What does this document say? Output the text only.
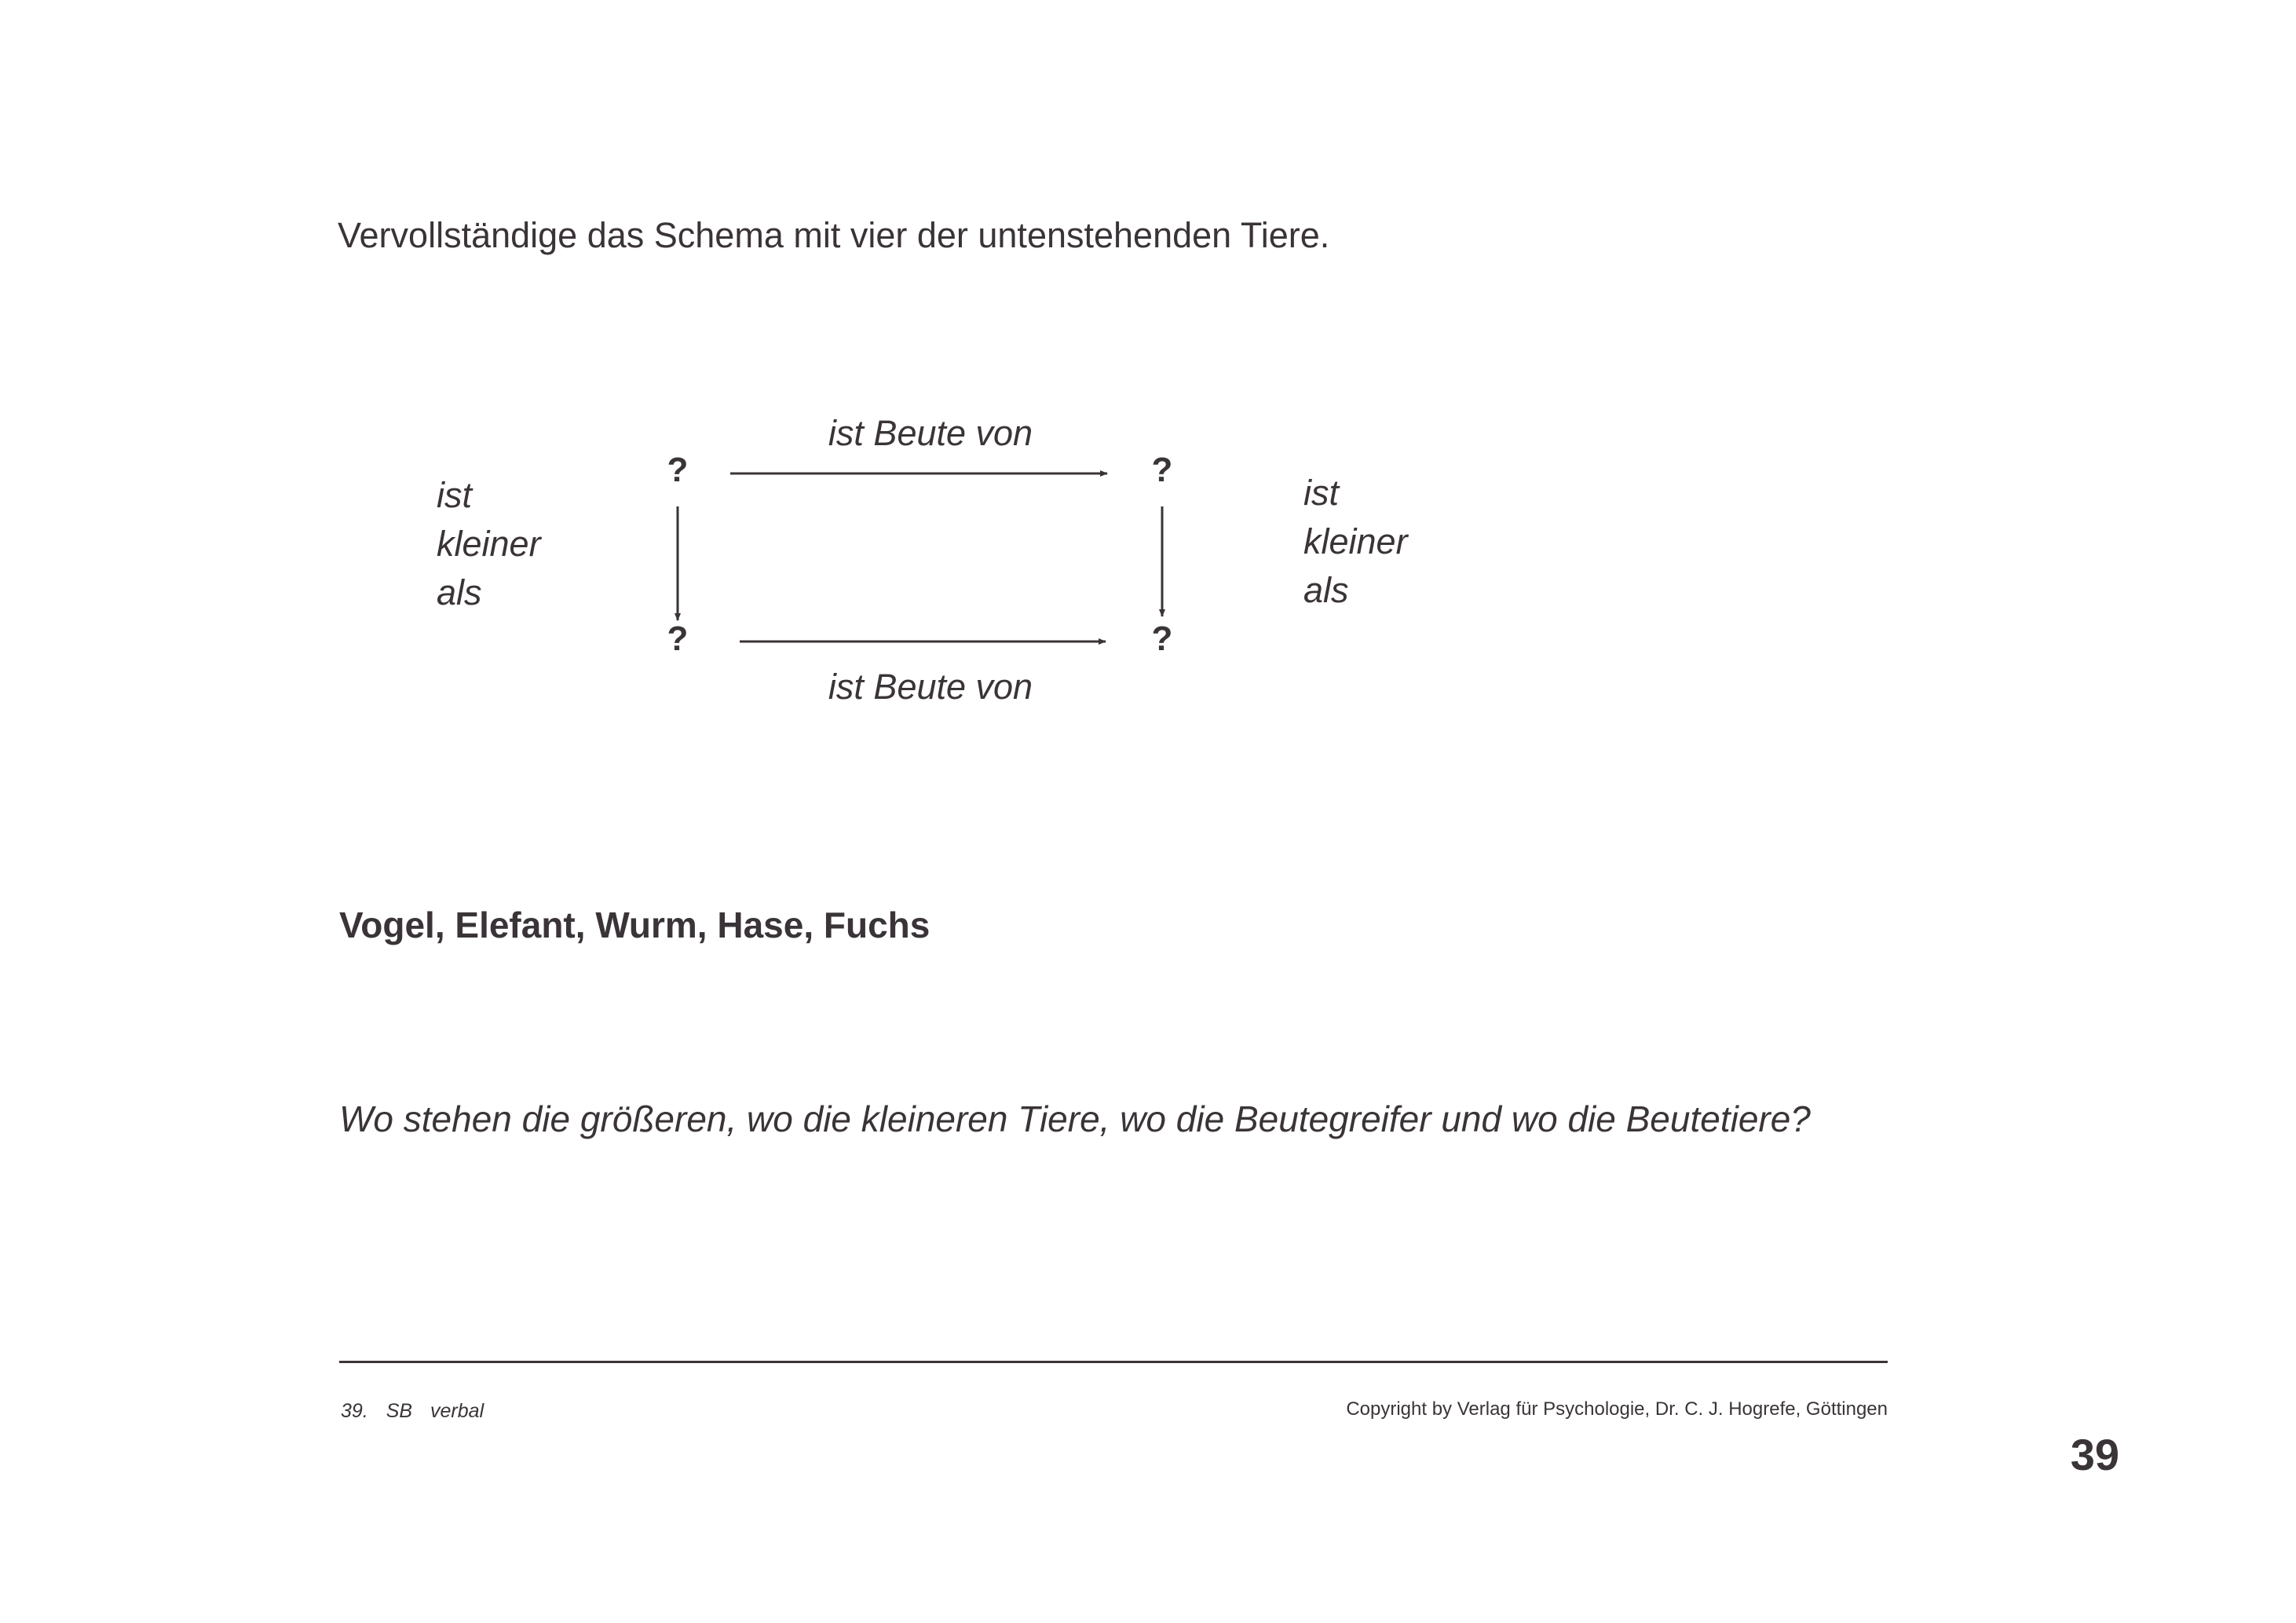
Vervollständige das Schema mit vier der untenstehenden Tiere.
ist Beute von
ist
kleiner
als
ist
kleiner
als
?	?
?	?
ist Beute von
Vogel, Elefant, Wurm, Hase, Fuchs
Wo stehen die größeren, wo die kleineren Tiere, wo die Beutegreifer und wo die Beutetiere?
39. SB verbal	Copyright by Verlag für Psychologie, Dr. C. J. Hogrefe, Göttingen
39
